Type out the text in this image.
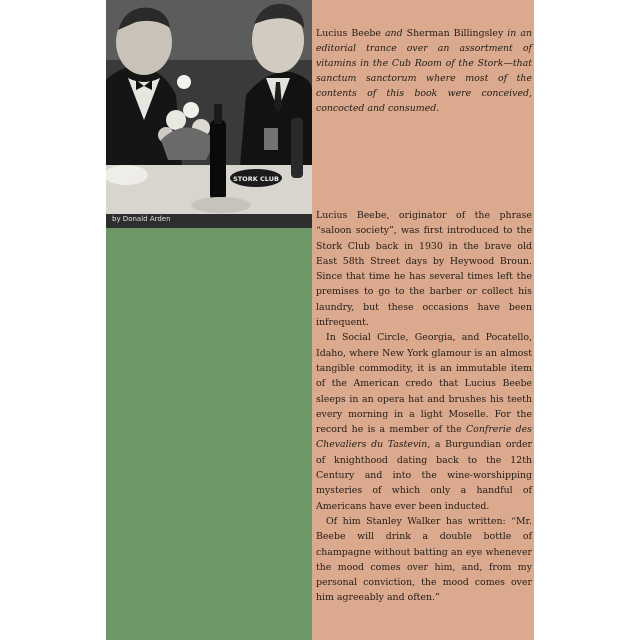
STORK CLUB
by Donald Arden
Lucius Beebe and Sherman Billingsley in an editorial trance over an assortment of vitamins in the Cub Room of the Stork—that sanctum sanctorum where most of the contents of this book were conceived, concocted and consumed.

Lucius Beebe, originator of the phrase “saloon society”, was first introduced to the Stork Club back in 1930 in the brave old East 58th Street days by Heywood Broun. Since that time he has several times left the premises to go to the barber or collect his laundry, but these occasions have been infrequent.

In Social Circle, Georgia, and Pocatello, Idaho, where New York glamour is an almost tangible commodity, it is an immutable item of the American credo that Lucius Beebe sleeps in an opera hat and brushes his teeth every morning in a light Moselle. For the record he is a member of the Confrerie des Chevaliers du Tastevin, a Burgundian order of knighthood dating back to the 12th Century and into the wine-worshipping mysteries of which only a handful of Americans have ever been inducted.

Of him Stanley Walker has written: “Mr. Beebe will drink a double bottle of champagne without batting an eye whenever the mood comes over him, and, from my personal conviction, the mood comes over him agreeably and often.”
